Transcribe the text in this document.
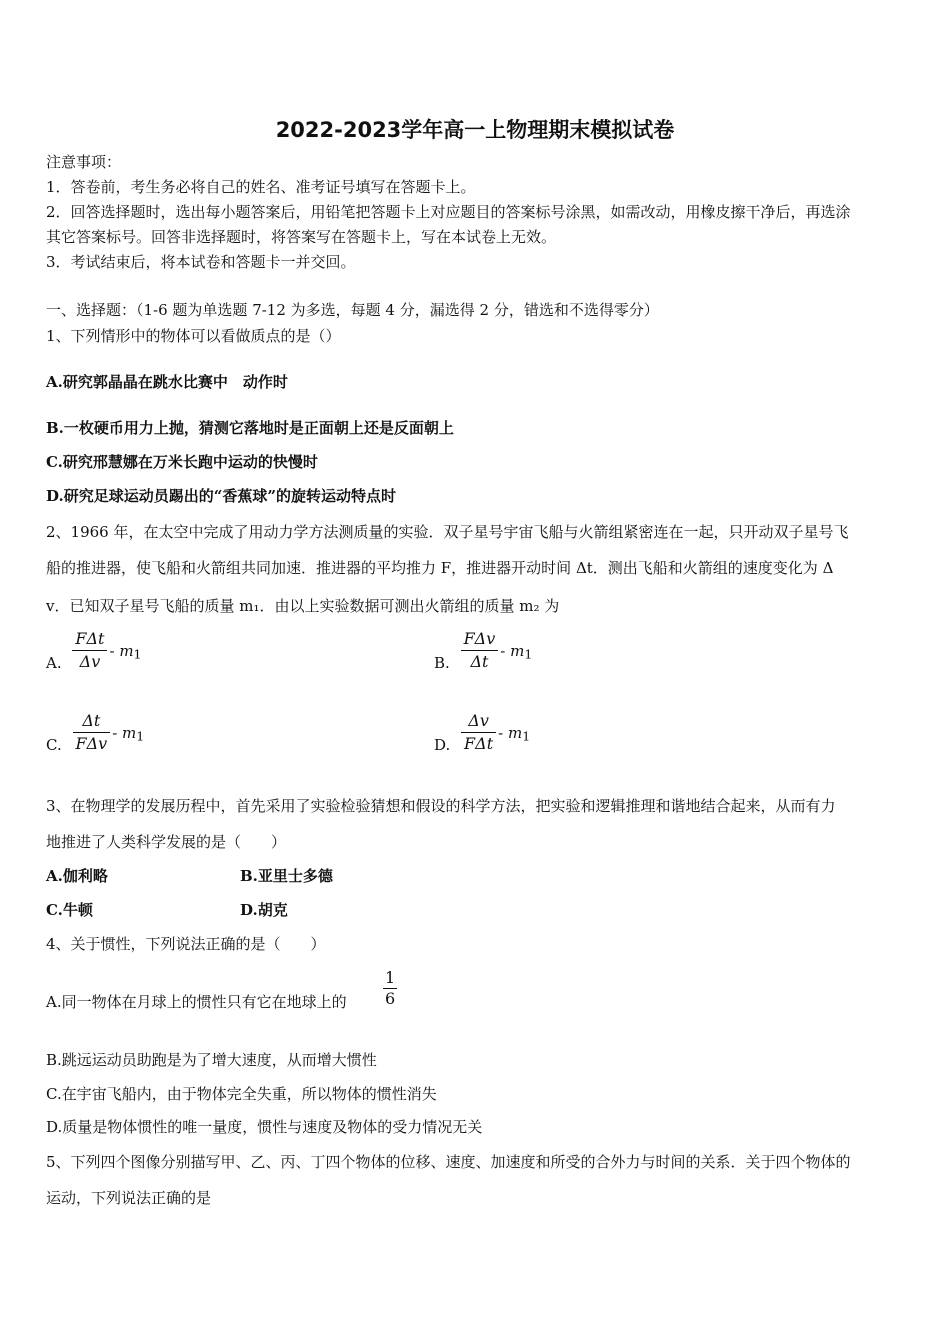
2022-2023学年高一上物理期末模拟试卷
注意事项：
1．答卷前，考生务必将自己的姓名、准考证号填写在答题卡上。
2．回答选择题时，选出每小题答案后，用铅笔把答题卡上对应题目的答案标号涂黑，如需改动，用橡皮擦干净后，再选涂
其它答案标号。回答非选择题时，将答案写在答题卡上，写在本试卷上无效。
3．考试结束后，将本试卷和答题卡一并交回。
一、选择题：（1-6 题为单选题 7-12 为多选，每题 4 分，漏选得 2 分，错选和不选得零分）
1、下列情形中的物体可以看做质点的是（）
A.研究郭晶晶在跳水比赛中　动作时
B.一枚硬币用力上抛，猜测它落地时是正面朝上还是反面朝上
C.研究邢慧娜在万米长跑中运动的快慢时
D.研究足球运动员踢出的“香蕉球”的旋转运动特点时
2、1966 年，在太空中完成了用动力学方法测质量的实验．双子星号宇宙飞船与火箭组紧密连在一起，只开动双子星号飞
船的推进器，使飞船和火箭组共同加速．推进器的平均推力 F，推进器开动时间 Δt．测出飞船和火箭组的速度变化为 Δ
v．已知双子星号飞船的质量 m₁．由以上实验数据可测出火箭组的质量 m₂ 为
A. $\frac{\text{FΔt}}{\Delta v} - m_1$	B. $\frac{\text{FΔv}}{\Delta t} - m_1$
C. $\frac{\Delta t}{\text{FΔv}} - m_1$	D. $\frac{\Delta v}{\text{FΔt}} - m_1$
3、在物理学的发展历程中，首先采用了实验检验猜想和假设的科学方法，把实验和逻辑推理和谐地结合起来，从而有力
地推进了人类科学发展的是（　　）
A.伽利略	B.亚里士多德
C.牛顿	D.胡克
4、关于惯性，下列说法正确的是（　　）
A.同一物体在月球上的惯性只有它在地球上的 $\frac{1}{6}$
B.跳远运动员助跑是为了增大速度，从而增大惯性
C.在宇宙飞船内，由于物体完全失重，所以物体的惯性消失
D.质量是物体惯性的唯一量度，惯性与速度及物体的受力情况无关
5、下列四个图像分别描写甲、乙、丙、丁四个物体的位移、速度、加速度和所受的合外力与时间的关系．关于四个物体的
运动，下列说法正确的是
